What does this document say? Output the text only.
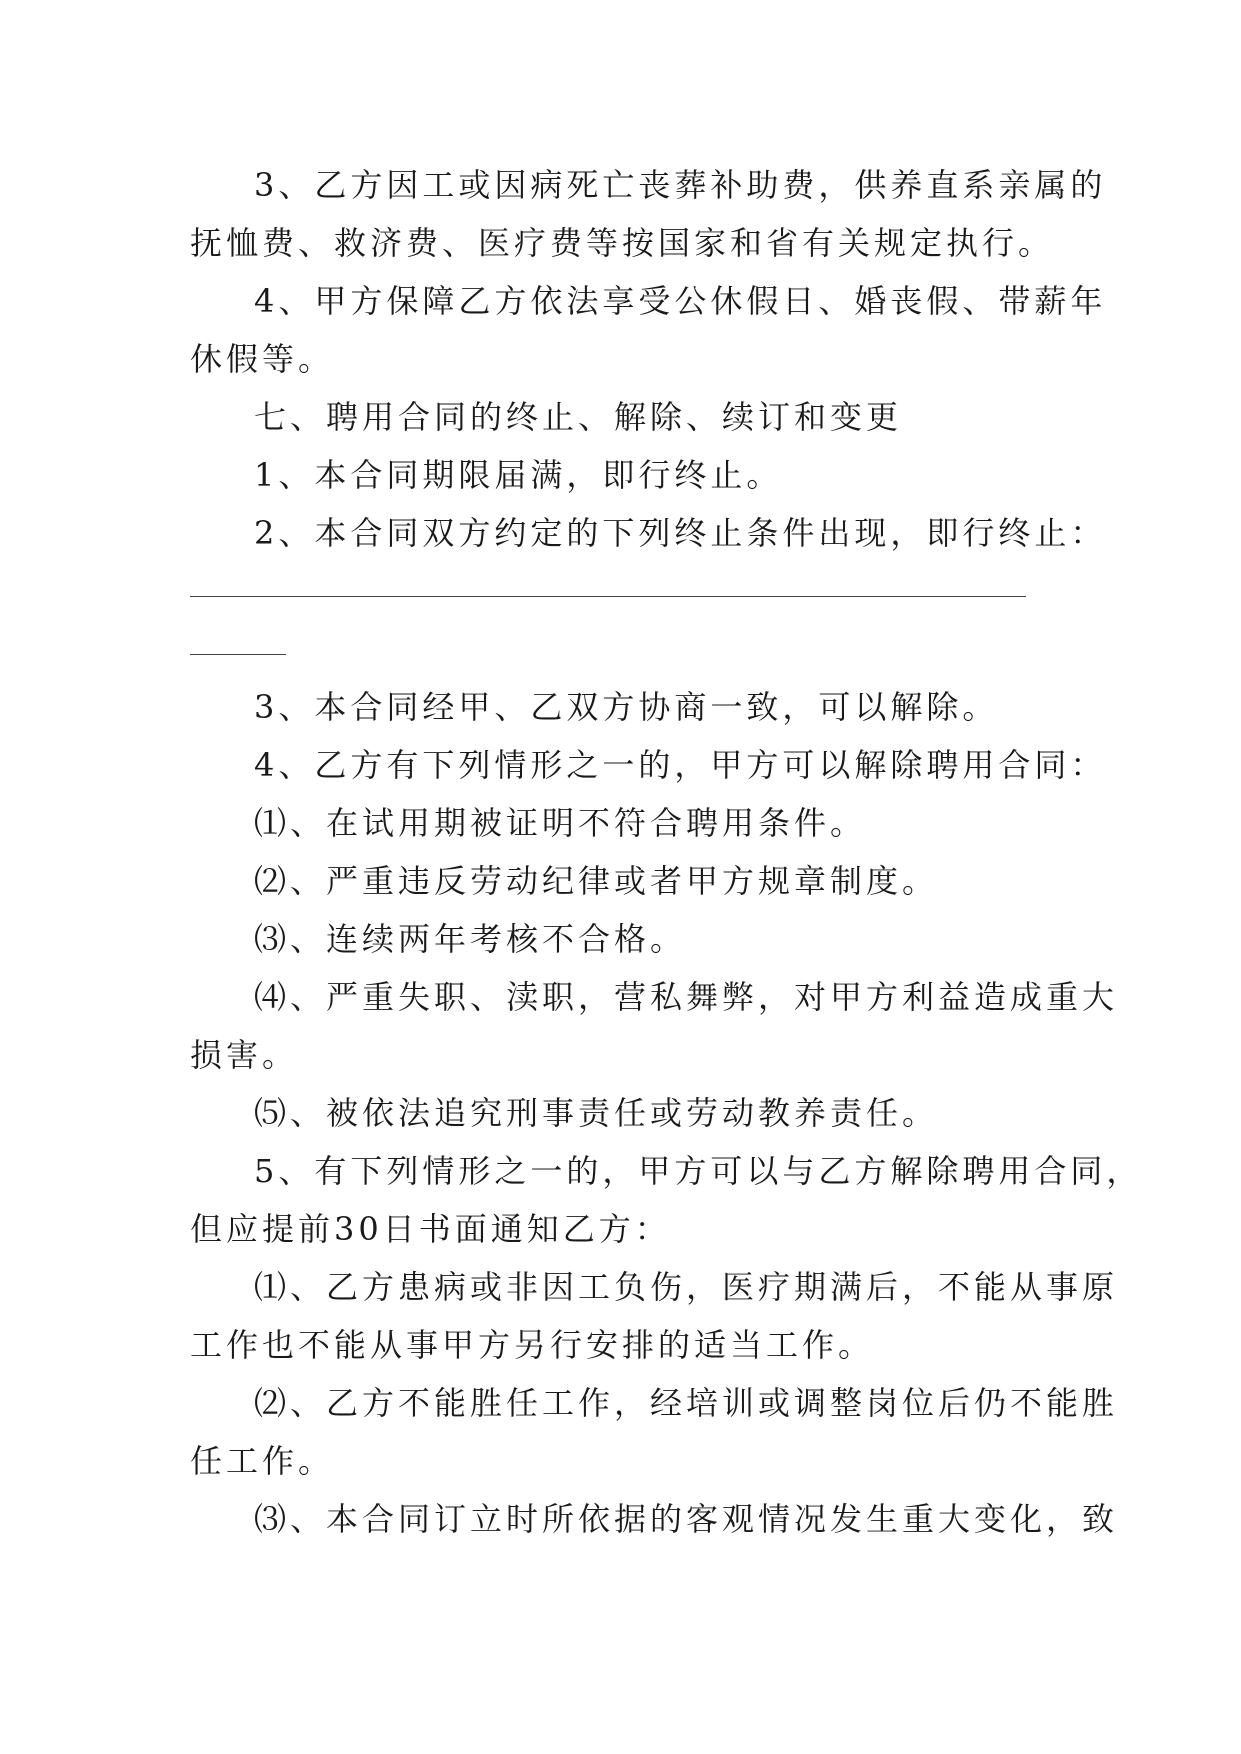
3、乙方因工或因病死亡丧葬补助费，供养直系亲属的
抚恤费、救济费、医疗费等按国家和省有关规定执行。
4、甲方保障乙方依法享受公休假日、婚丧假、带薪年
休假等。
七、聘用合同的终止、解除、续订和变更
1、本合同期限届满，即行终止。
2、本合同双方约定的下列终止条件出现，即行终止：
3、本合同经甲、乙双方协商一致，可以解除。
4、乙方有下列情形之一的，甲方可以解除聘用合同：
⑴、在试用期被证明不符合聘用条件。
⑵、严重违反劳动纪律或者甲方规章制度。
⑶、连续两年考核不合格。
⑷、严重失职、渎职，营私舞弊，对甲方利益造成重大
损害。
⑸、被依法追究刑事责任或劳动教养责任。
5、有下列情形之一的，甲方可以与乙方解除聘用合同，
但应提前30日书面通知乙方：
⑴、乙方患病或非因工负伤，医疗期满后，不能从事原
工作也不能从事甲方另行安排的适当工作。
⑵、乙方不能胜任工作，经培训或调整岗位后仍不能胜
任工作。
⑶、本合同订立时所依据的客观情况发生重大变化，致
